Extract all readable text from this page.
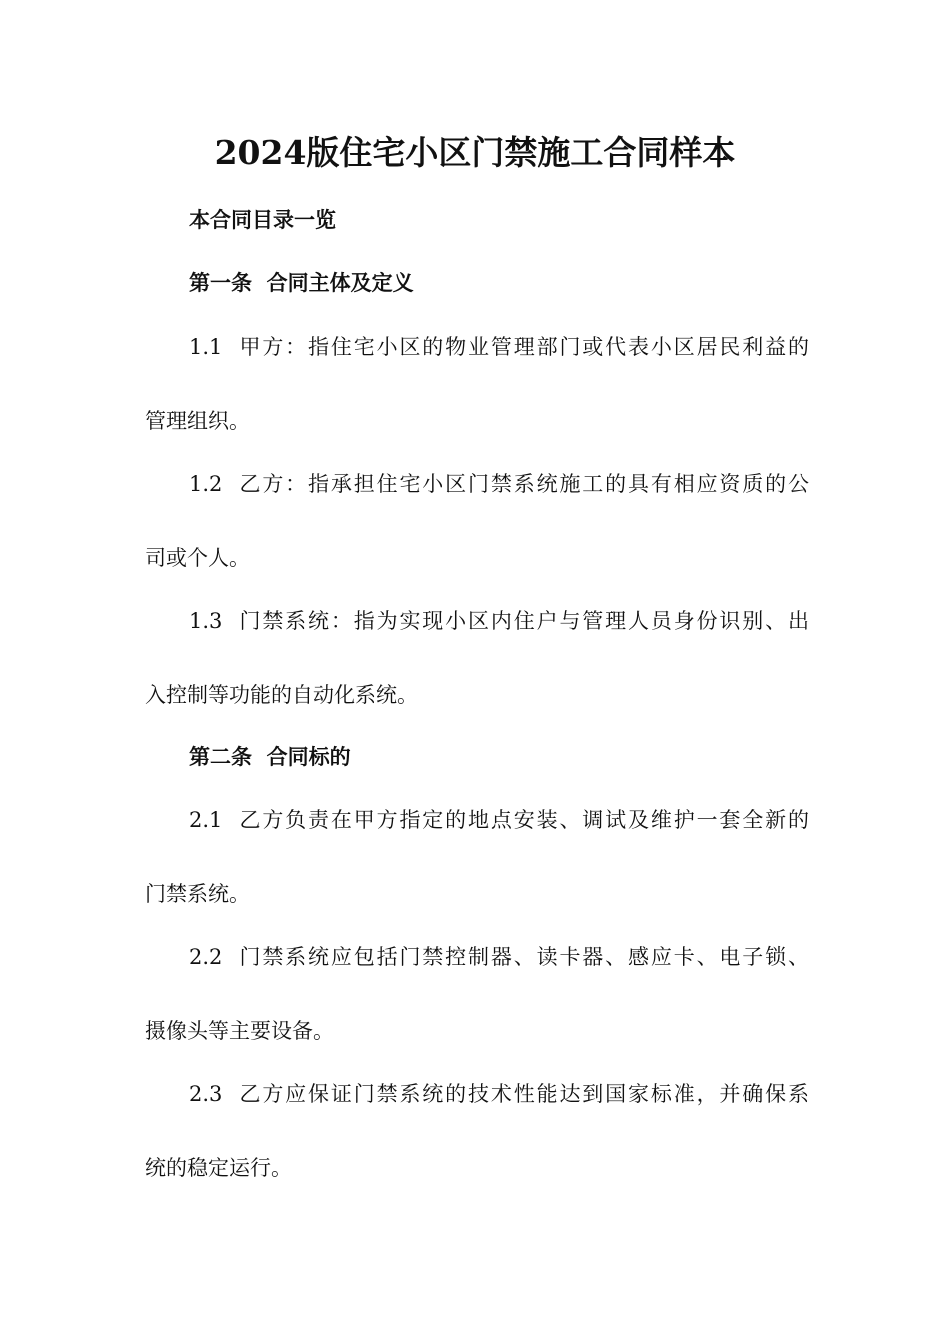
2024版住宅小区门禁施工合同样本
本合同目录一览
第一条  合同主体及定义
1.1  甲方：指住宅小区的物业管理部门或代表小区居民利益的
管理组织。
1.2  乙方：指承担住宅小区门禁系统施工的具有相应资质的公
司或个人。
1.3  门禁系统：指为实现小区内住户与管理人员身份识别、出
入控制等功能的自动化系统。
第二条  合同标的
2.1  乙方负责在甲方指定的地点安装、调试及维护一套全新的
门禁系统。
2.2  门禁系统应包括门禁控制器、读卡器、感应卡、电子锁、
摄像头等主要设备。
2.3  乙方应保证门禁系统的技术性能达到国家标准，并确保系
统的稳定运行。
